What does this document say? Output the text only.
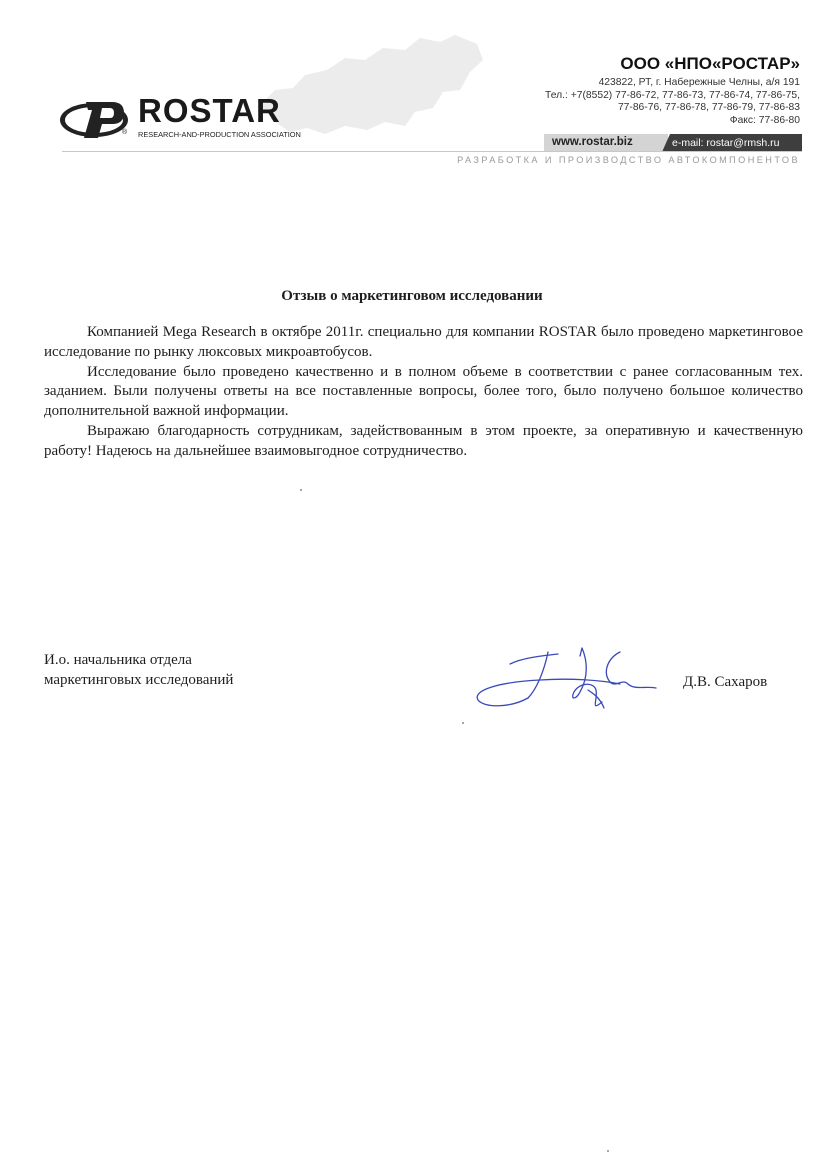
®
ROSTAR
RESEARCH-AND-PRODUCTION ASSOCIATION
ООО «НПО«РОСТАР»
423822, РТ, г. Набережные Челны, а/я 191
Тел.: +7(8552) 77-86-72, 77-86-73, 77-86-74, 77-86-75,
77-86-76, 77-86-78, 77-86-79, 77-86-83
Факс: 77-86-80
www.rostar.biz	e-mail: rostar@rmsh.ru
РАЗРАБОТКА И ПРОИЗВОДСТВО АВТОКОМПОНЕНТОВ
Отзыв о маркетинговом исследовании

Компанией Mega Research в октябре 2011г. специально для компании ROSTAR было проведено маркетинговое исследование по рынку люксовых микроавтобусов.

Исследование было проведено качественно и в полном объеме в соответствии с ранее согласованным тех. заданием. Были получены ответы на все поставленные вопросы, более того, было получено большое количество дополнительной важной информации.

Выражаю благодарность сотрудникам, задействованным в этом проекте, за оперативную и качественную работу! Надеюсь на дальнейшее взаимовыгодное сотрудничество.

И.о. начальника отдела
маркетинговых исследований	Д.В. Сахаров
